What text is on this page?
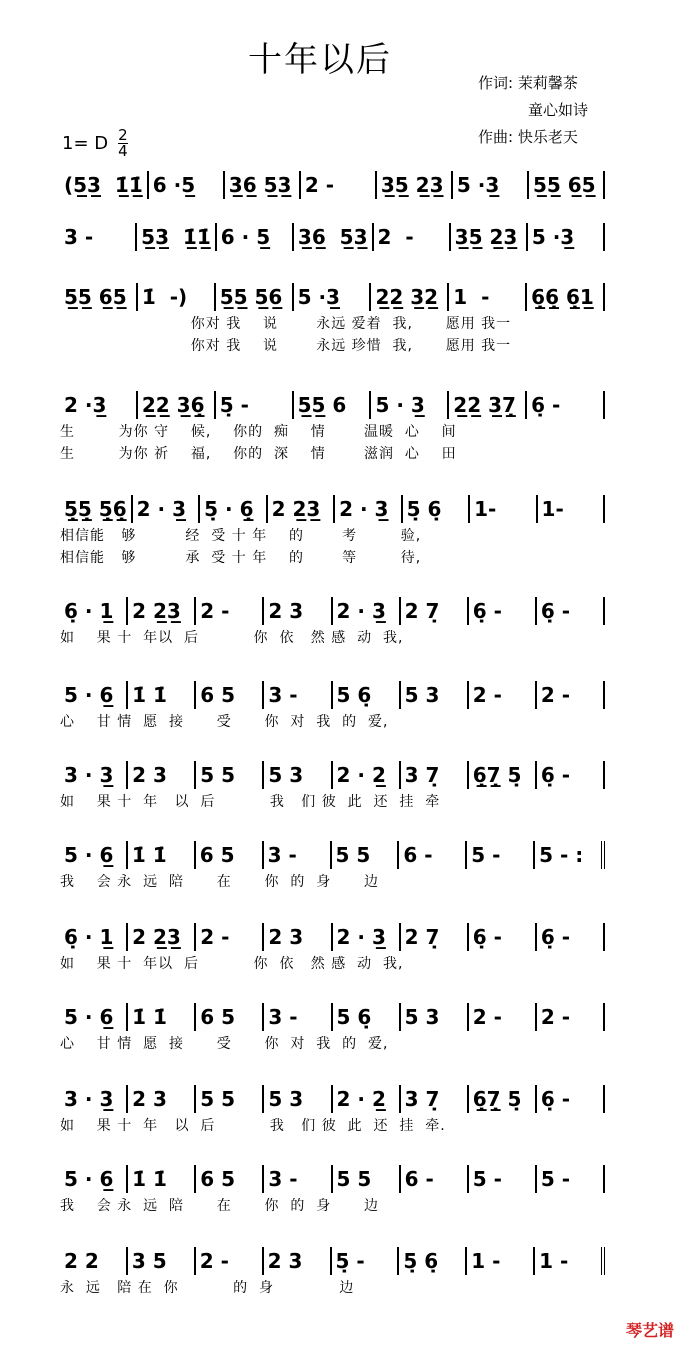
十年以后
作词: 茉莉馨茶
童心如诗
作曲: 快乐老天
1= D $\frac{2}{4}$
(5̲3̲  1̲̇1̲̇ 6 ·5̲	3̲6̲ 5̲3̲ 2 -	3̲5̲ 2̲3̲ 5 ·3̲	5̲5̲ 6̲5̲
3 -	5̲3̲  1̲̇1̲̇ 6 · 5̲	3̲6̲  5̲3̲ 2  -	3̲5̲ 2̲3̲ 5 ·3̲
5̲5̲ 6̲5̲ 1̇  -)	5̲5̲ 5̲6̲ 5 ·3̲	2̲2̲ 3̲2̲ 1  -	6̲̣6̲̣ 6̲̣1̲
你对 我    说       永远 爱着  我,      愿用 我一
你对 我    说       永远 珍惜  我,      愿用 我一
2 ·3̲	2̲2̲ 3̲6̲̣ 5̣ -	5̲5̲ 6	5 · 3̲	2̲2̲ 3̲7̲̣ 6̣ -
生        为你 守    候,    你的  痴    情       温暖  心    间
生        为你 祈    福,    你的  深    情       滋润  心    田
5̲̣5̲̣ 5̲̣6̲̣ 2 · 3̲ 5̣ · 6̲̣ 2 2̲3̲ 2 · 3̲ 5̣ 6̣	1-	1-
相信能   够         经  受 十 年    的       考        验,
相信能   够         承  受 十 年    的       等        待,
6̣ · 1̲ 2 2̲3̲ 2 -	2 3	2 · 3̲ 2 7̣	6̣ -	6̣ -
如    果 十  年以  后          你  依   然 感  动  我,
5 · 6̲ 1̇ 1̇	6 5	3 -	5 6̣	5 3	2 -	2 -
心    甘 情  愿  接      受      你  对  我  的  爱,
3 · 3̲ 2 3	5 5	5 3	2 · 2̲ 3 7̣	6̲̣7̲̣ 5̣ 6̣ -
如    果 十  年   以  后          我   们 彼  此  还  挂  牵
5 · 6̲ 1̇ 1̇	6 5	3 -	5 5	6 -	5 -	5 - :
我    会 永  远  陪      在      你  的  身      边
6̣ · 1̲ 2 2̲3̲ 2 -	2 3	2 · 3̲ 2 7̣	6̣ -	6̣ -
如    果 十  年以  后          你  依   然 感  动  我,
5 · 6̲ 1̇ 1̇	6 5	3 -	5 6̣	5 3	2 -	2 -
心    甘 情  愿  接      受      你  对  我  的  爱,
3 · 3̲ 2 3	5 5	5 3	2 · 2̲ 3 7̣	6̲̣7̲̣ 5̣ 6̣ -
如    果 十  年   以  后          我   们 彼  此  还  挂  牵.
5 · 6̲ 1̇ 1̇	6 5	3 -	5 5	6 -	5 -	5 -
我    会 永  远  陪      在      你  的  身      边
2 2	3 5	2 -	2 3	5̣ -	5̣ 6̣	1 -	1 -
永  远   陪 在  你          的  身            边
琴艺谱
